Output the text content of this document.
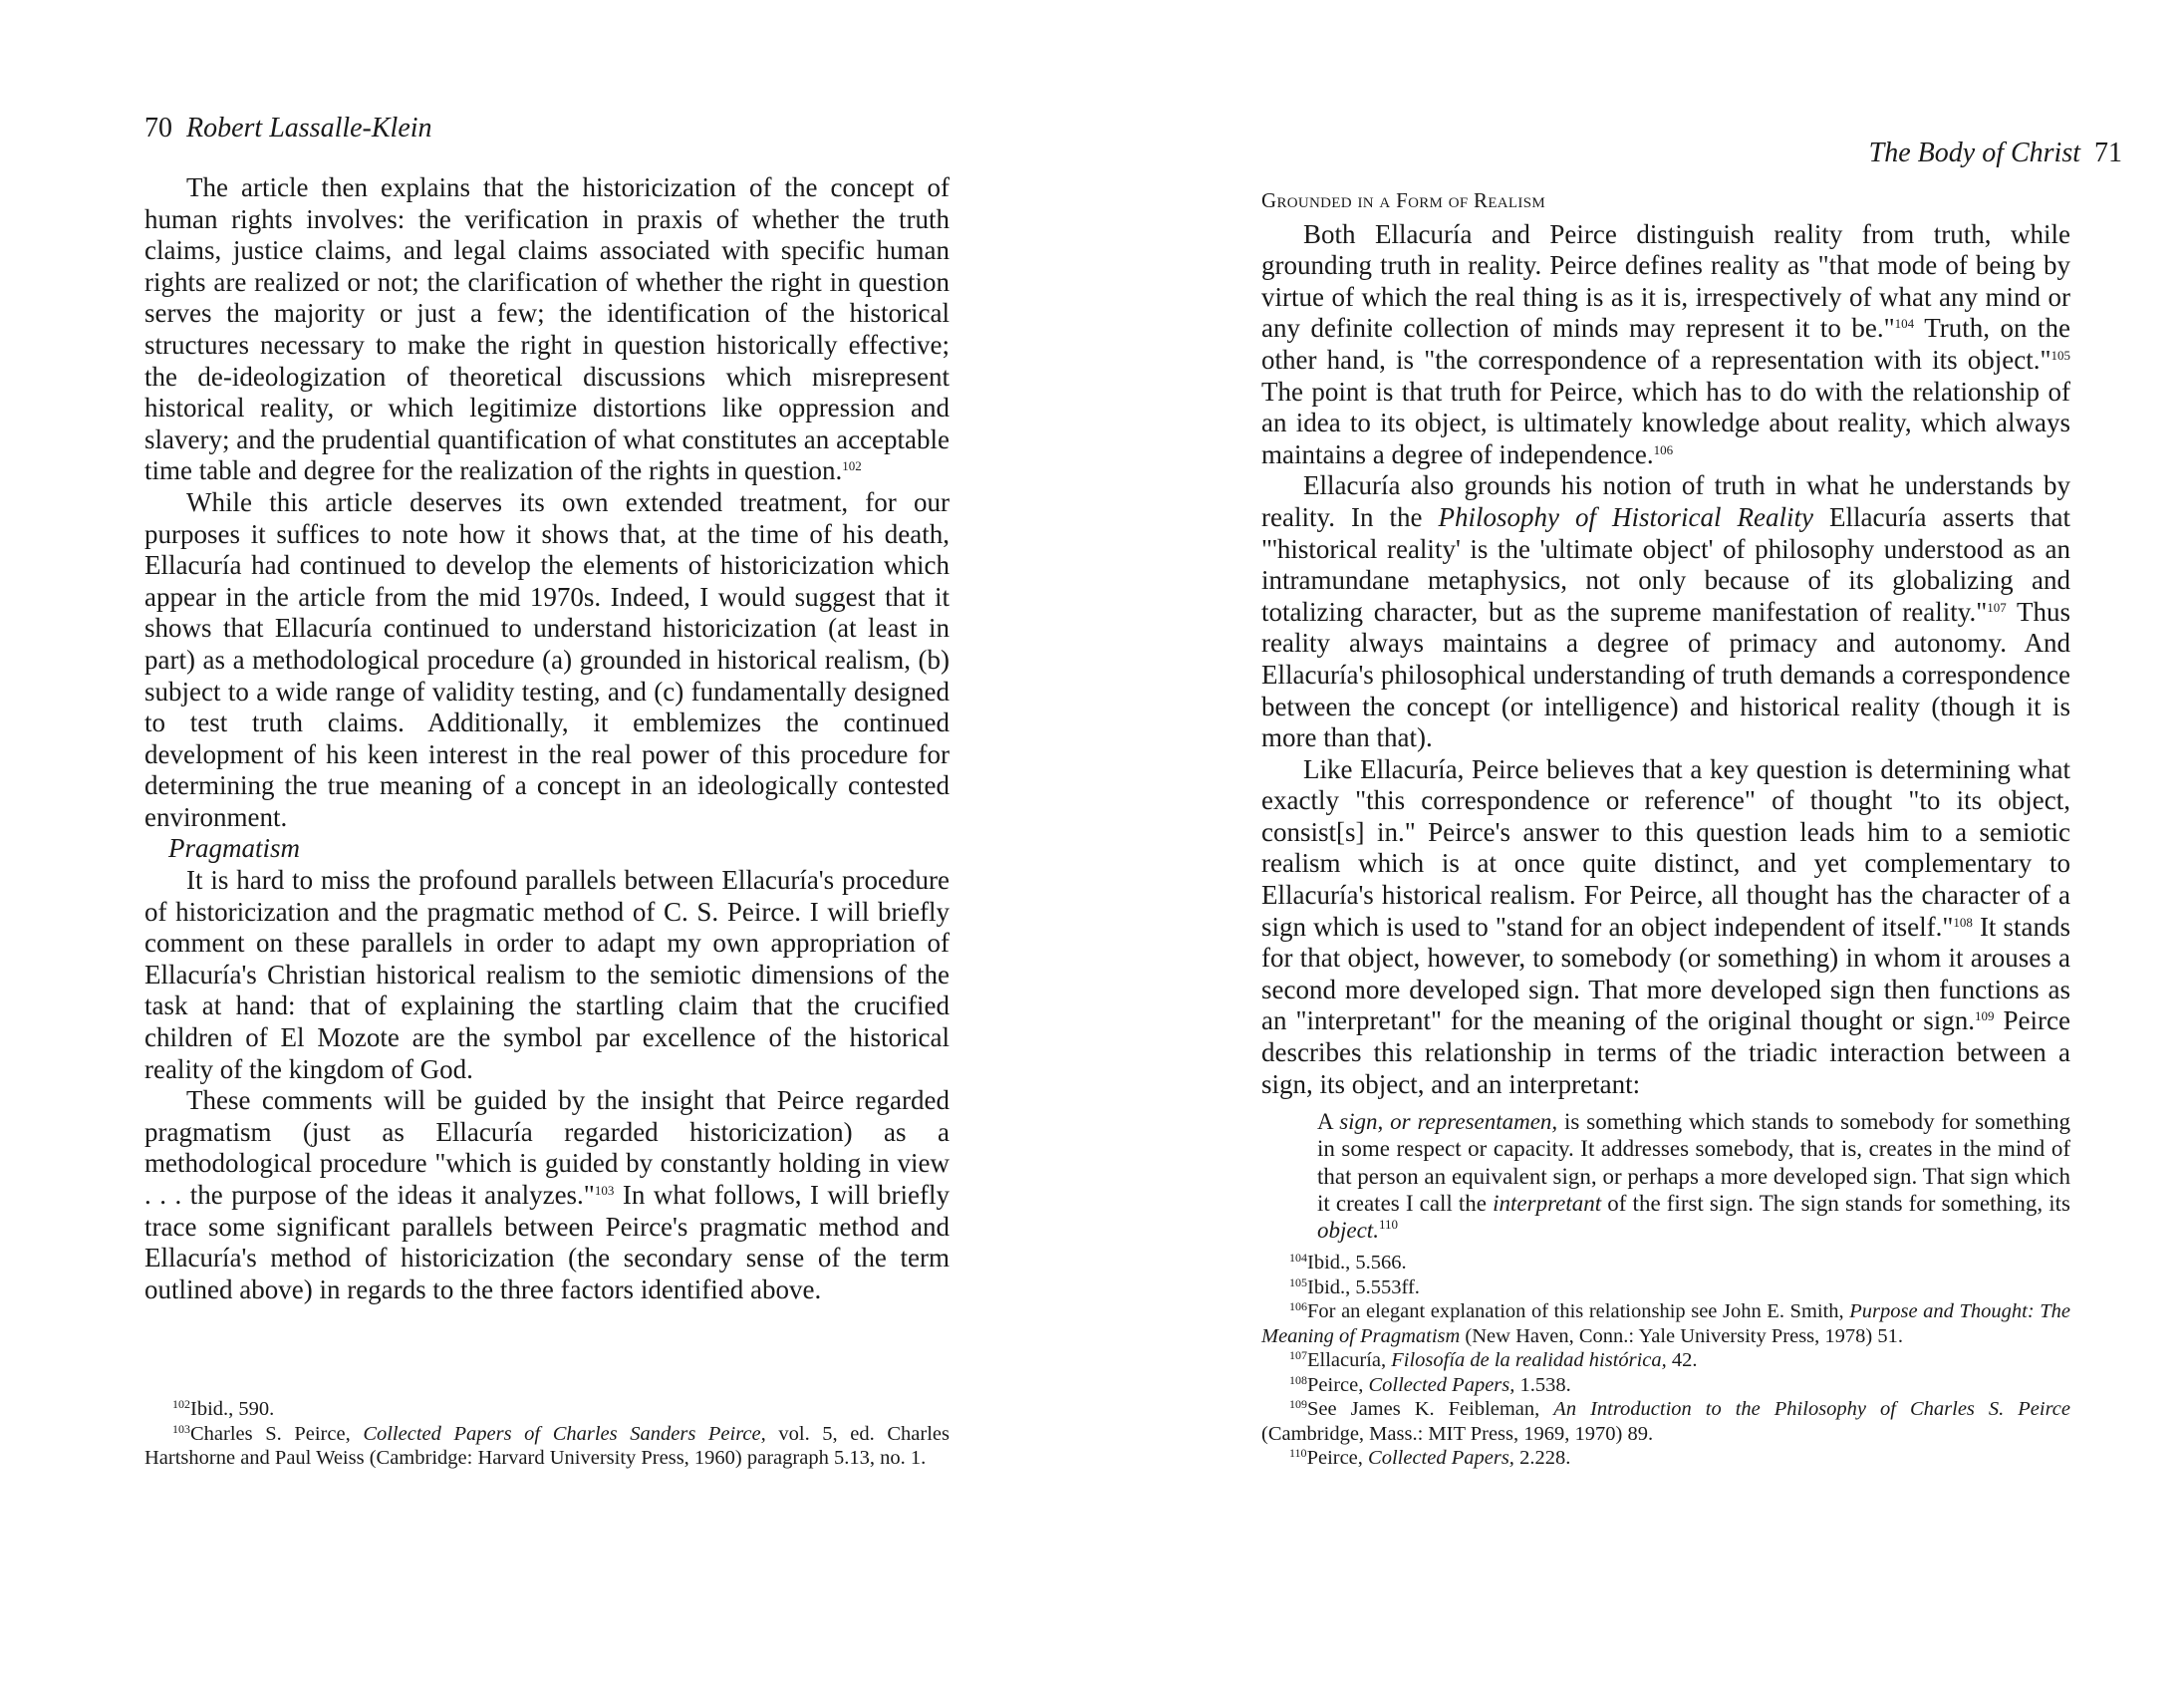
70 Robert Lassalle-Klein

The article then explains that the historicization of the concept of human rights involves: the verification in praxis of whether the truth claims, justice claims, and legal claims associated with specific human rights are realized or not; the clarification of whether the right in question serves the majority or just a few; the identification of the historical structures necessary to make the right in question historically effective; the de-ideologization of theoretical discussions which misrepresent historical reality, or which legitimize distortions like oppression and slavery; and the prudential quantification of what constitutes an acceptable time table and degree for the realization of the rights in question.$^{102}$

While this article deserves its own extended treatment, for our purposes it suffices to note how it shows that, at the time of his death, Ellacuría had continued to develop the elements of historicization which appear in the article from the mid 1970s. Indeed, I would suggest that it shows that Ellacuría continued to understand historicization (at least in part) as a methodological procedure (a) grounded in historical realism, (b) subject to a wide range of validity testing, and (c) fundamentally designed to test truth claims. Additionally, it emblemizes the continued development of his keen interest in the real power of this procedure for determining the true meaning of a concept in an ideologically contested environment.

Pragmatism

It is hard to miss the profound parallels between Ellacuría's procedure of historicization and the pragmatic method of C. S. Peirce. I will briefly comment on these parallels in order to adapt my own appropriation of Ellacuría's Christian historical realism to the semiotic dimensions of the task at hand: that of explaining the startling claim that the crucified children of El Mozote are the symbol par excellence of the historical reality of the kingdom of God.

These comments will be guided by the insight that Peirce regarded pragmatism (just as Ellacuría regarded historicization) as a methodological procedure "which is guided by constantly holding in view . . . the purpose of the ideas it analyzes."$^{103}$ In what follows, I will briefly trace some significant parallels between Peirce's pragmatic method and Ellacuría's method of historicization (the secondary sense of the term outlined above) in regards to the three factors identified above.

$^{102}$Ibid., 590.

$^{103}$Charles S. Peirce, Collected Papers of Charles Sanders Peirce, vol. 5, ed. Charles Hartshorne and Paul Weiss (Cambridge: Harvard University Press, 1960) paragraph 5.13, no. 1.

The Body of Christ 71

Grounded in a Form of Realism

Both Ellacuría and Peirce distinguish reality from truth, while grounding truth in reality. Peirce defines reality as "that mode of being by virtue of which the real thing is as it is, irrespectively of what any mind or any definite collection of minds may represent it to be."$^{104}$ Truth, on the other hand, is "the correspondence of a representation with its object."$^{105}$ The point is that truth for Peirce, which has to do with the relationship of an idea to its object, is ultimately knowledge about reality, which always maintains a degree of independence.$^{106}$

Ellacuría also grounds his notion of truth in what he understands by reality. In the Philosophy of Historical Reality Ellacuría asserts that "'historical reality' is the 'ultimate object' of philosophy understood as an intramundane metaphysics, not only because of its globalizing and totalizing character, but as the supreme manifestation of reality."$^{107}$ Thus reality always maintains a degree of primacy and autonomy. And Ellacuría's philosophical understanding of truth demands a correspondence between the concept (or intelligence) and historical reality (though it is more than that).

Like Ellacuría, Peirce believes that a key question is determining what exactly "this correspondence or reference" of thought "to its object, consist[s] in." Peirce's answer to this question leads him to a semiotic realism which is at once quite distinct, and yet complementary to Ellacuría's historical realism. For Peirce, all thought has the character of a sign which is used to "stand for an object independent of itself."$^{108}$ It stands for that object, however, to somebody (or something) in whom it arouses a second more developed sign. That more developed sign then functions as an "interpretant" for the meaning of the original thought or sign.$^{109}$ Peirce describes this relationship in terms of the triadic interaction between a sign, its object, and an interpretant:

A sign, or representamen, is something which stands to somebody for something in some respect or capacity. It addresses somebody, that is, creates in the mind of that person an equivalent sign, or perhaps a more developed sign. That sign which it creates I call the interpretant of the first sign. The sign stands for something, its object.$^{110}$

$^{104}$Ibid., 5.566.

$^{105}$Ibid., 5.553ff.

$^{106}$For an elegant explanation of this relationship see John E. Smith, Purpose and Thought: The Meaning of Pragmatism (New Haven, Conn.: Yale University Press, 1978) 51.

$^{107}$Ellacuría, Filosofía de la realidad histórica, 42.

$^{108}$Peirce, Collected Papers, 1.538.

$^{109}$See James K. Feibleman, An Introduction to the Philosophy of Charles S. Peirce (Cambridge, Mass.: MIT Press, 1969, 1970) 89.

$^{110}$Peirce, Collected Papers, 2.228.
